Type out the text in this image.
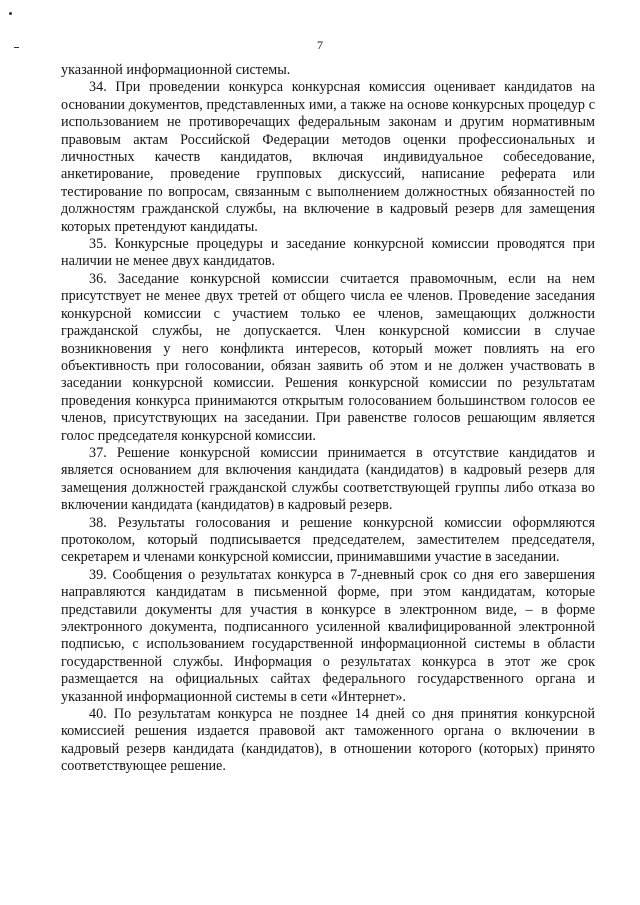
7

указанной информационной системы.

34. При проведении конкурса конкурсная комиссия оценивает кандидатов на основании документов, представленных ими, а также на основе конкурсных процедур с использованием не противоречащих федеральным законам и другим нормативным правовым актам Российской Федерации методов оценки профессиональных и личностных качеств кандидатов, включая индивидуальное собеседование, анкетирование, проведение групповых дискуссий, написание реферата или тестирование по вопросам, связанным с выполнением должностных обязанностей по должностям гражданской службы, на включение в кадровый резерв для замещения которых претендуют кандидаты.

35. Конкурсные процедуры и заседание конкурсной комиссии проводятся при наличии не менее двух кандидатов.

36. Заседание конкурсной комиссии считается правомочным, если на нем присутствует не менее двух третей от общего числа ее членов. Проведение заседания конкурсной комиссии с участием только ее членов, замещающих должности гражданской службы, не допускается. Член конкурсной комиссии в случае возникновения у него конфликта интересов, который может повлиять на его объективность при голосовании, обязан заявить об этом и не должен участвовать в заседании конкурсной комиссии. Решения конкурсной комиссии по результатам проведения конкурса принимаются открытым голосованием большинством голосов ее членов, присутствующих на заседании. При равенстве голосов решающим является голос председателя конкурсной комиссии.

37. Решение конкурсной комиссии принимается в отсутствие кандидатов и является основанием для включения кандидата (кандидатов) в кадровый резерв для замещения должностей гражданской службы соответствующей группы либо отказа во включении кандидата (кандидатов) в кадровый резерв.

38. Результаты голосования и решение конкурсной комиссии оформляются протоколом, который подписывается председателем, заместителем председателя, секретарем и членами конкурсной комиссии, принимавшими участие в заседании.

39. Сообщения о результатах конкурса в 7-дневный срок со дня его завершения направляются кандидатам в письменной форме, при этом кандидатам, которые представили документы для участия в конкурсе в электронном виде, – в форме электронного документа, подписанного усиленной квалифицированной электронной подписью, с использованием государственной информационной системы в области государственной службы. Информация о результатах конкурса в этот же срок размещается на официальных сайтах федерального государственного органа и указанной информационной системы в сети «Интернет».

40. По результатам конкурса не позднее 14 дней со дня принятия конкурсной комиссией решения издается правовой акт таможенного органа о включении в кадровый резерв кандидата (кандидатов), в отношении которого (которых) принято соответствующее решение.
